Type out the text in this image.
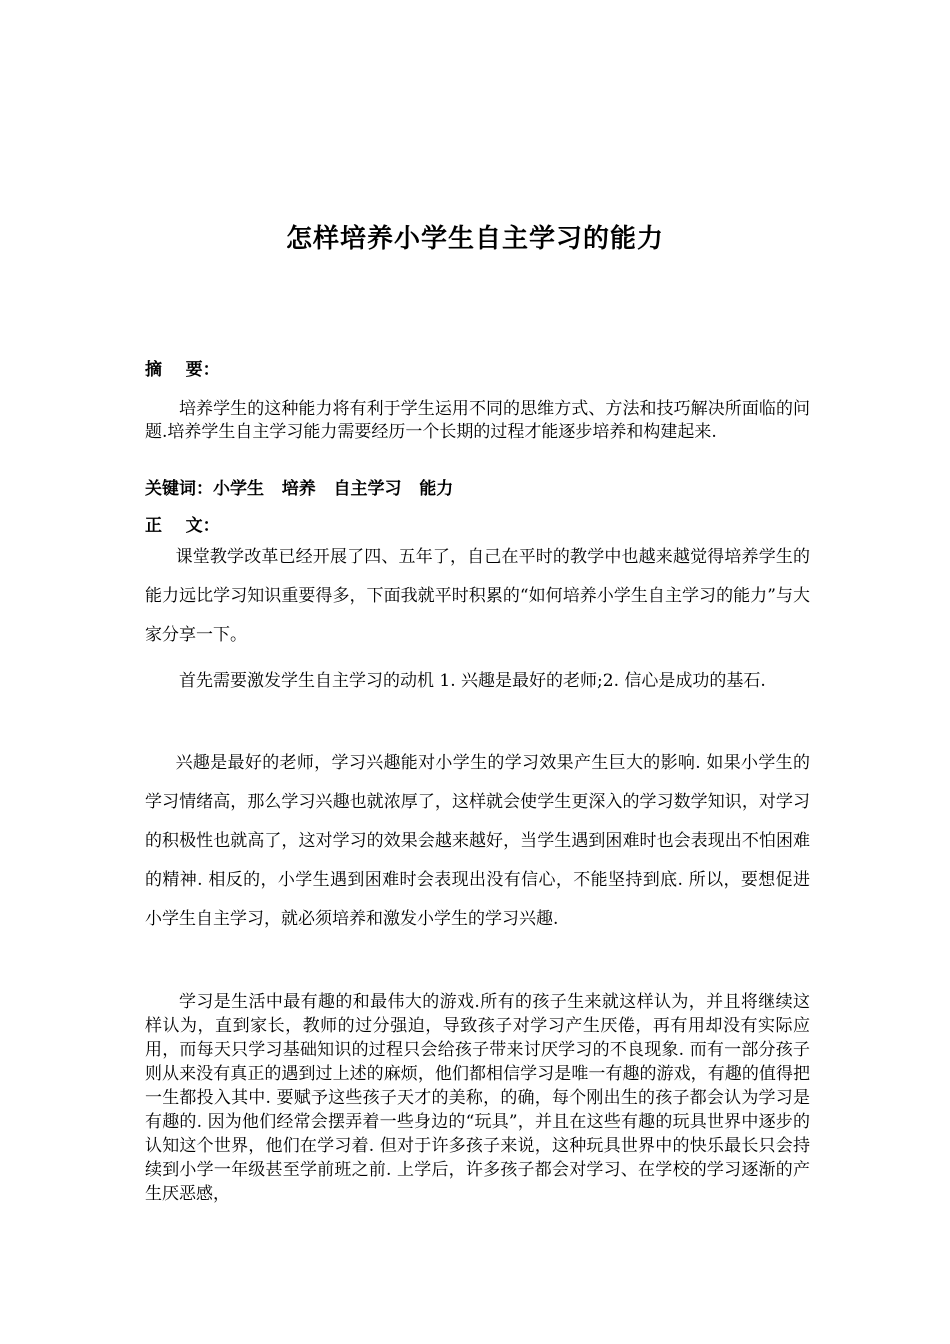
怎样培养小学生自主学习的能力
摘    要：

培养学生的这种能力将有利于学生运用不同的思维方式、方法和技巧解决所面临的问题.培养学生自主学习能力需要经历一个长期的过程才能逐步培养和构建起来.

关键词：小学生   培养   自主学习   能力
正    文：

课堂教学改革已经开展了四、五年了，自己在平时的教学中也越来越觉得培养学生的能力远比学习知识重要得多，下面我就平时积累的“如何培养小学生自主学习的能力”与大家分享一下。

首先需要激发学生自主学习的动机 1. 兴趣是最好的老师;2. 信心是成功的基石.

兴趣是最好的老师，学习兴趣能对小学生的学习效果产生巨大的影响. 如果小学生的学习情绪高，那么学习兴趣也就浓厚了，这样就会使学生更深入的学习数学知识，对学习的积极性也就高了，这对学习的效果会越来越好，当学生遇到困难时也会表现出不怕困难的精神. 相反的，小学生遇到困难时会表现出没有信心，不能坚持到底. 所以，要想促进小学生自主学习，就必须培养和激发小学生的学习兴趣.

学习是生活中最有趣的和最伟大的游戏.所有的孩子生来就这样认为，并且将继续这样认为，直到家长，教师的过分强迫，导致孩子对学习产生厌倦，再有用却没有实际应用，而每天只学习基础知识的过程只会给孩子带来讨厌学习的不良现象. 而有一部分孩子则从来没有真正的遇到过上述的麻烦，他们都相信学习是唯一有趣的游戏，有趣的值得把一生都投入其中. 要赋予这些孩子天才的美称，的确，每个刚出生的孩子都会认为学习是有趣的. 因为他们经常会摆弄着一些身边的“玩具”，并且在这些有趣的玩具世界中逐步的认知这个世界，他们在学习着. 但对于许多孩子来说，这种玩具世界中的快乐最长只会持续到小学一年级甚至学前班之前. 上学后，许多孩子都会对学习、在学校的学习逐渐的产生厌恶感，
